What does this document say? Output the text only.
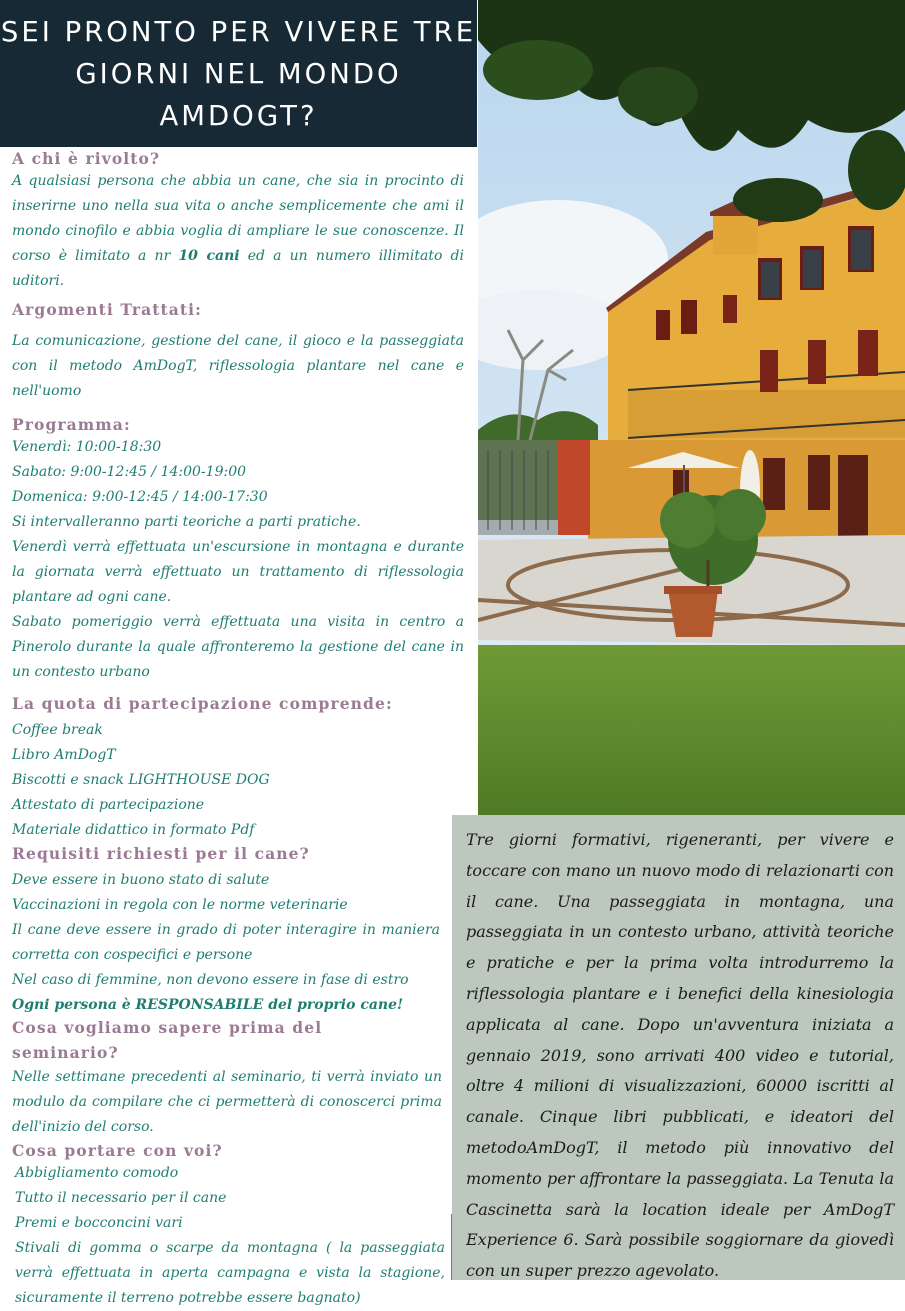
SEI PRONTO PER VIVERE TRE GIORNI NEL MONDO AMDOGT?
A chi è rivolto?

A qualsiasi persona che abbia un cane, che sia in procinto di inserirne uno nella sua vita o anche semplicemente che ami il mondo cinofilo e abbia voglia di ampliare le sue conoscenze. Il corso è limitato a nr 10 cani ed a un numero illimitato di uditori.

Argomenti Trattati:

La comunicazione, gestione del cane, il gioco e la passeggiata con il metodo AmDogT, riflessologia plantare nel cane e nell'uomo

Programma:

Venerdì: 10:00-18:30

Sabato: 9:00-12:45 / 14:00-19:00

Domenica: 9:00-12:45 / 14:00-17:30

Si intervalleranno parti teoriche a parti pratiche.

Venerdì verrà effettuata un'escursione in montagna e durante la giornata verrà effettuato un trattamento di riflessologia plantare ad ogni cane.

Sabato pomeriggio verrà effettuata una visita in centro a Pinerolo durante la quale affronteremo la gestione del cane in un contesto urbano

La quota di partecipazione comprende:

Coffee break

Libro AmDogT

Biscotti e snack LIGHTHOUSE DOG

Attestato di partecipazione

Materiale didattico in formato Pdf

Requisiti richiesti per il cane?

Deve essere in buono stato di salute

Vaccinazioni in regola con le norme veterinarie

Il cane deve essere in grado di poter interagire in maniera corretta con cospecifici e persone

Nel caso di femmine, non devono essere in fase di estro

Ogni persona è RESPONSABILE del proprio cane!

Cosa vogliamo sapere prima del seminario?

Nelle settimane precedenti al seminario, ti verrà inviato un modulo da compilare che ci permetterà di conoscerci prima dell'inizio del corso.

Cosa portare con voi?

Abbigliamento comodo

Tutto il necessario per il cane

Premi e bocconcini vari

Stivali di gomma o scarpe da montagna ( la passeggiata verrà effettuata in aperta campagna e vista la stagione, sicuramente il terreno potrebbe essere bagnato)

Tre giorni formativi, rigeneranti, per vivere e toccare con mano un nuovo modo di relazionarti con il cane. Una passeggiata in montagna, una passeggiata in un contesto urbano, attività teoriche e pratiche e per la prima volta introdurremo la riflessologia plantare e i benefici della kinesiologia applicata al cane. Dopo un'avventura iniziata a gennaio 2019, sono arrivati 400 video e tutorial, oltre 4 milioni di visualizzazioni, 60000 iscritti al canale. Cinque libri pubblicati, e ideatori del metodoAmDogT, il metodo più innovativo del momento per affrontare la passeggiata. La Tenuta la Cascinetta sarà la location ideale per AmDogT Experience 6. Sarà possibile soggiornare da giovedì con un super prezzo agevolato.
